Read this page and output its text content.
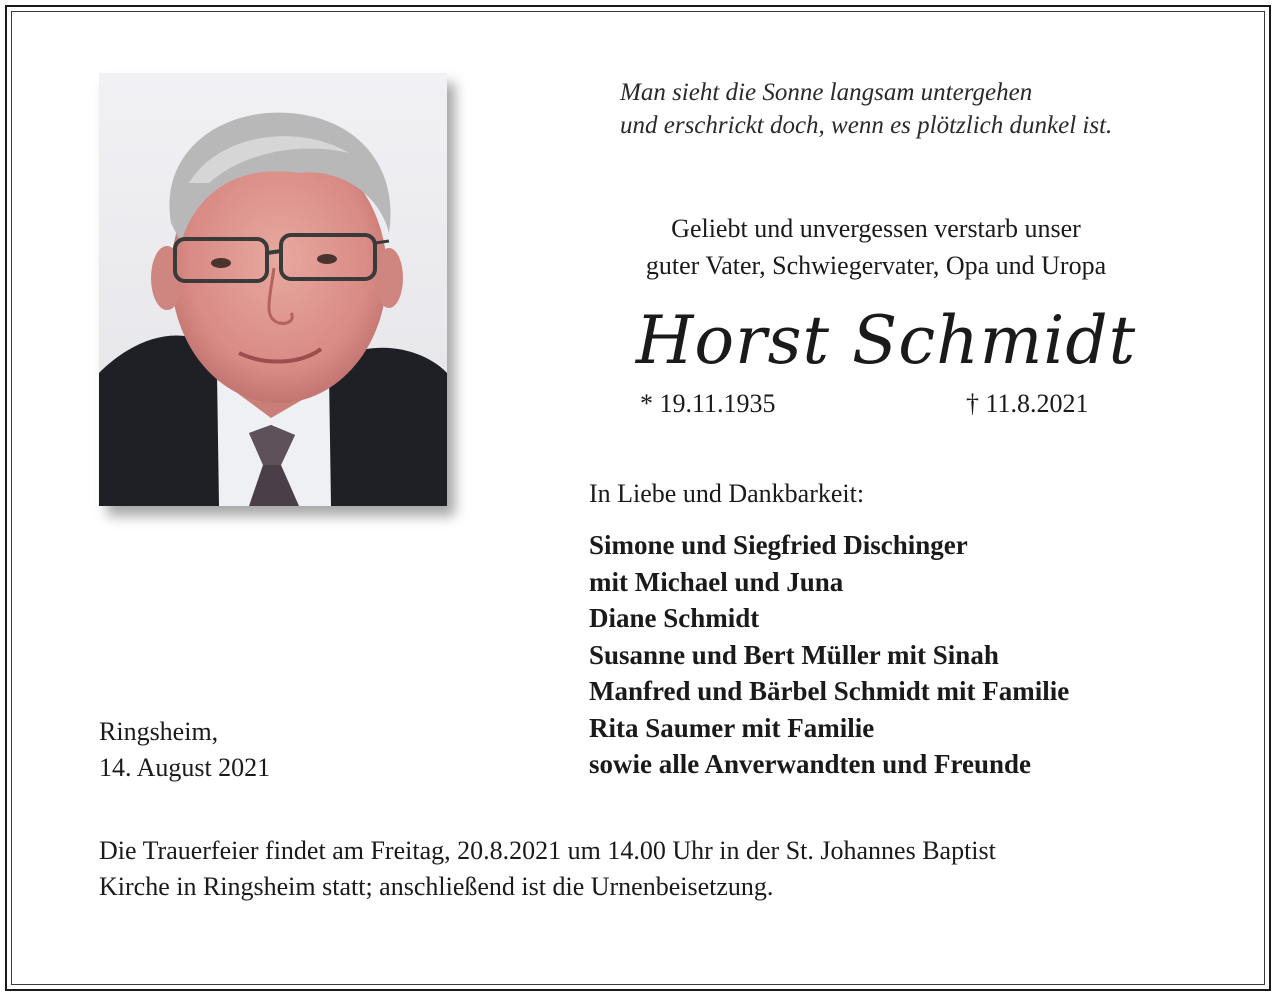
Man sieht die Sonne langsam untergehen
und erschrickt doch, wenn es plötzlich dunkel ist.
Geliebt und unvergessen verstarb unser
guter Vater, Schwiegervater, Opa und Uropa
Horst Schmidt
* 19.11.1935	† 11.8.2021
In Liebe und Dankbarkeit:
Simone und Siegfried Dischinger
mit Michael und Juna
Diane Schmidt
Susanne und Bert Müller mit Sinah
Manfred und Bärbel Schmidt mit Familie
Rita Saumer mit Familie
sowie alle Anverwandten und Freunde
Ringsheim,
14. August 2021
Die Trauerfeier findet am Freitag, 20.8.2021 um 14.00 Uhr in der St. Johannes Baptist
Kirche in Ringsheim statt; anschließend ist die Urnenbeisetzung.
